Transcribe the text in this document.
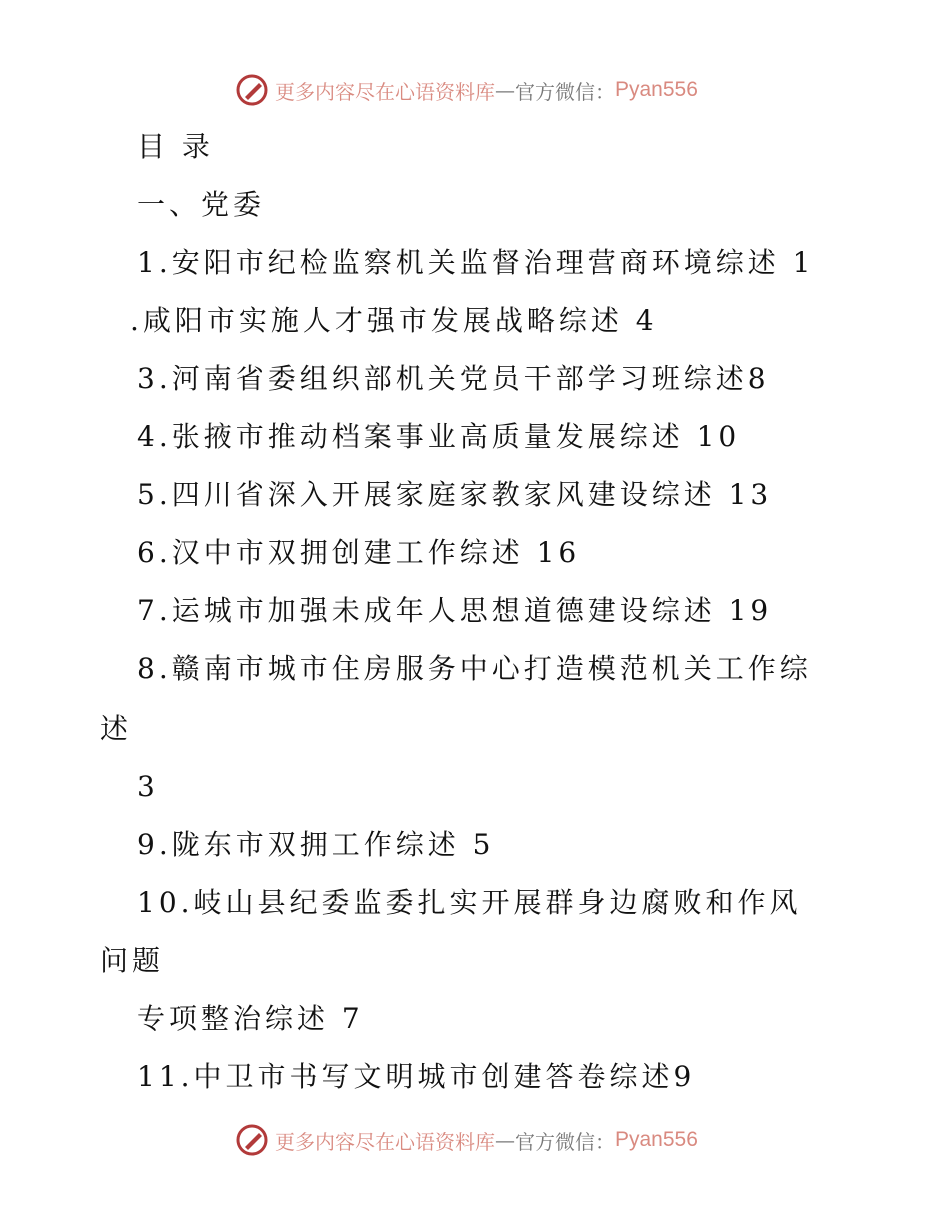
更多内容尽在心语资料库 — 官方微信： Pyan556
目 录
一、党委
1.安阳市纪检监察机关监督治理营商环境综述 1
.咸阳市实施人才强市发展战略综述 4
3.河南省委组织部机关党员干部学习班综述8
4.张掖市推动档案事业高质量发展综述 10
5.四川省深入开展家庭家教家风建设综述 13
6.汉中市双拥创建工作综述 16
7.运城市加强未成年人思想道德建设综述 19
8.赣南市城市住房服务中心打造模范机关工作综
述
3
9.陇东市双拥工作综述 5
10.岐山县纪委监委扎实开展群身边腐败和作风
问题
专项整治综述 7
11.中卫市书写文明城市创建答卷综述9
更多内容尽在心语资料库 — 官方微信： Pyan556
